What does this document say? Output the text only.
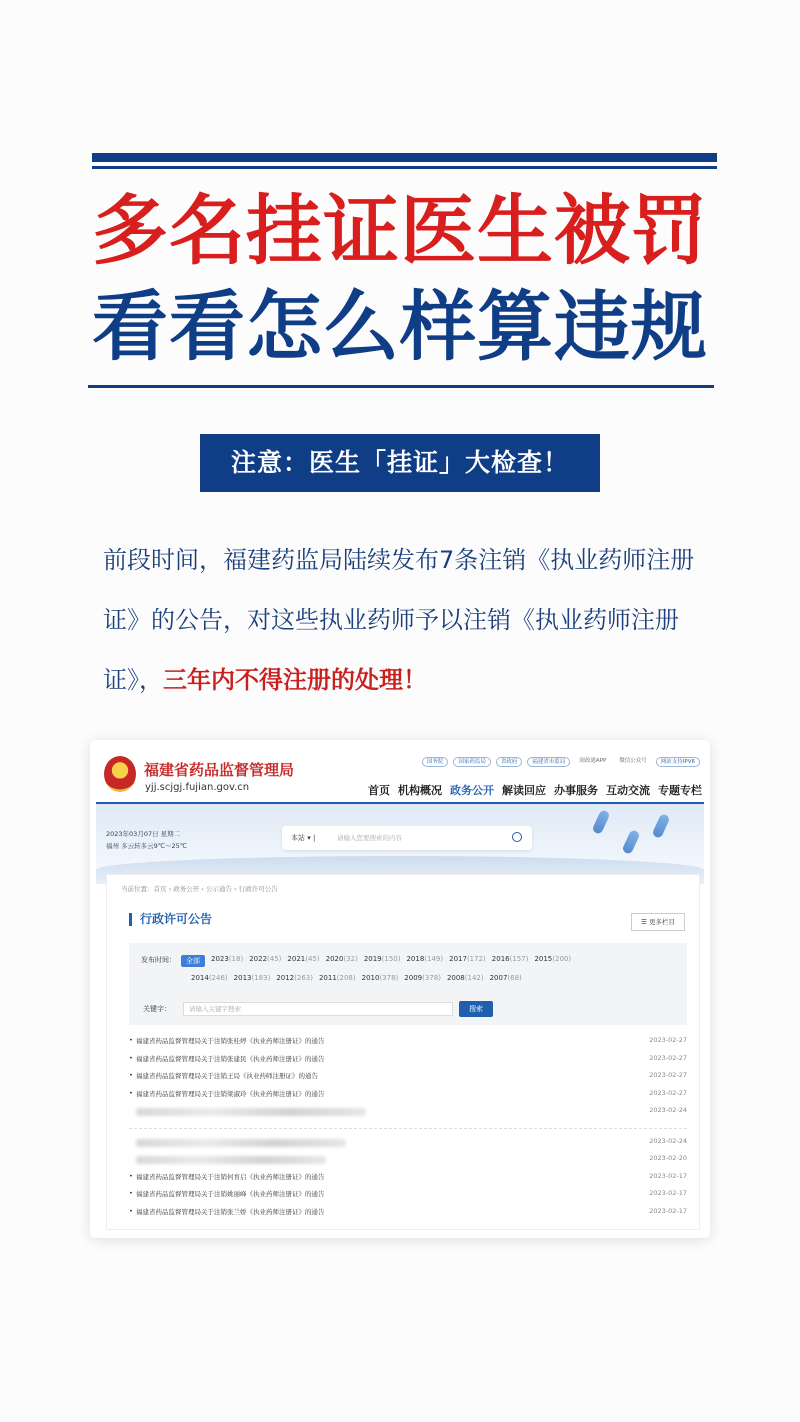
多名挂证医生被罚
看看怎么样算违规
注意：医生「挂证」大检查！
前段时间，福建药监局陆续发布7条注销《执业药师注册
证》的公告，对这些执业药师予以注销《执业药师注册
证》，三年内不得注册的处理！
福建省药品监督管理局
yjj.scjgj.fujian.gov.cn
国务院	国家药监局	省政府	福建省市监局	闽政通APP	微信公众号	网站支持IPV6
首页 机构概况 政务公开 解读回应 办事服务 互动交流 专题专栏
2023年03月07日 星期二
福州 多云转多云9℃～25℃
本站 ▾ |	请输入您要搜索的内容
当前位置：首页 › 政务公开 › 公示通告 › 行政许可公告
行政许可公告	☰ 更多栏目
发布时间：	全部	2023(18) 2022(45) 2021(45) 2020(32) 2019(150) 2018(149) 2017(172) 2016(157) 2015(200)
2014(246) 2013(183) 2012(263) 2011(208) 2010(378) 2009(378) 2008(142) 2007(68)
关键字：	请输入关键字搜索	搜索
• 福建省药品监督管理局关于注销张桂婷《执业药师注册证》的通告	2023-02-27
• 福建省药品监督管理局关于注销张建民《执业药师注册证》的通告	2023-02-27
• 福建省药品监督管理局关于注销王局《执业药师注册证》的通告	2023-02-27
• 福建省药品监督管理局关于注销梁淑玲《执业药师注册证》的通告	2023-02-27
2023-02-24
2023-02-24
2023-02-20
• 福建省药品监督管理局关于注销何育启《执业药师注册证》的通告	2023-02-17
• 福建省药品监督管理局关于注销姚丽峰《执业药师注册证》的通告	2023-02-17
• 福建省药品监督管理局关于注销张兰娇《执业药师注册证》的通告	2023-02-17
